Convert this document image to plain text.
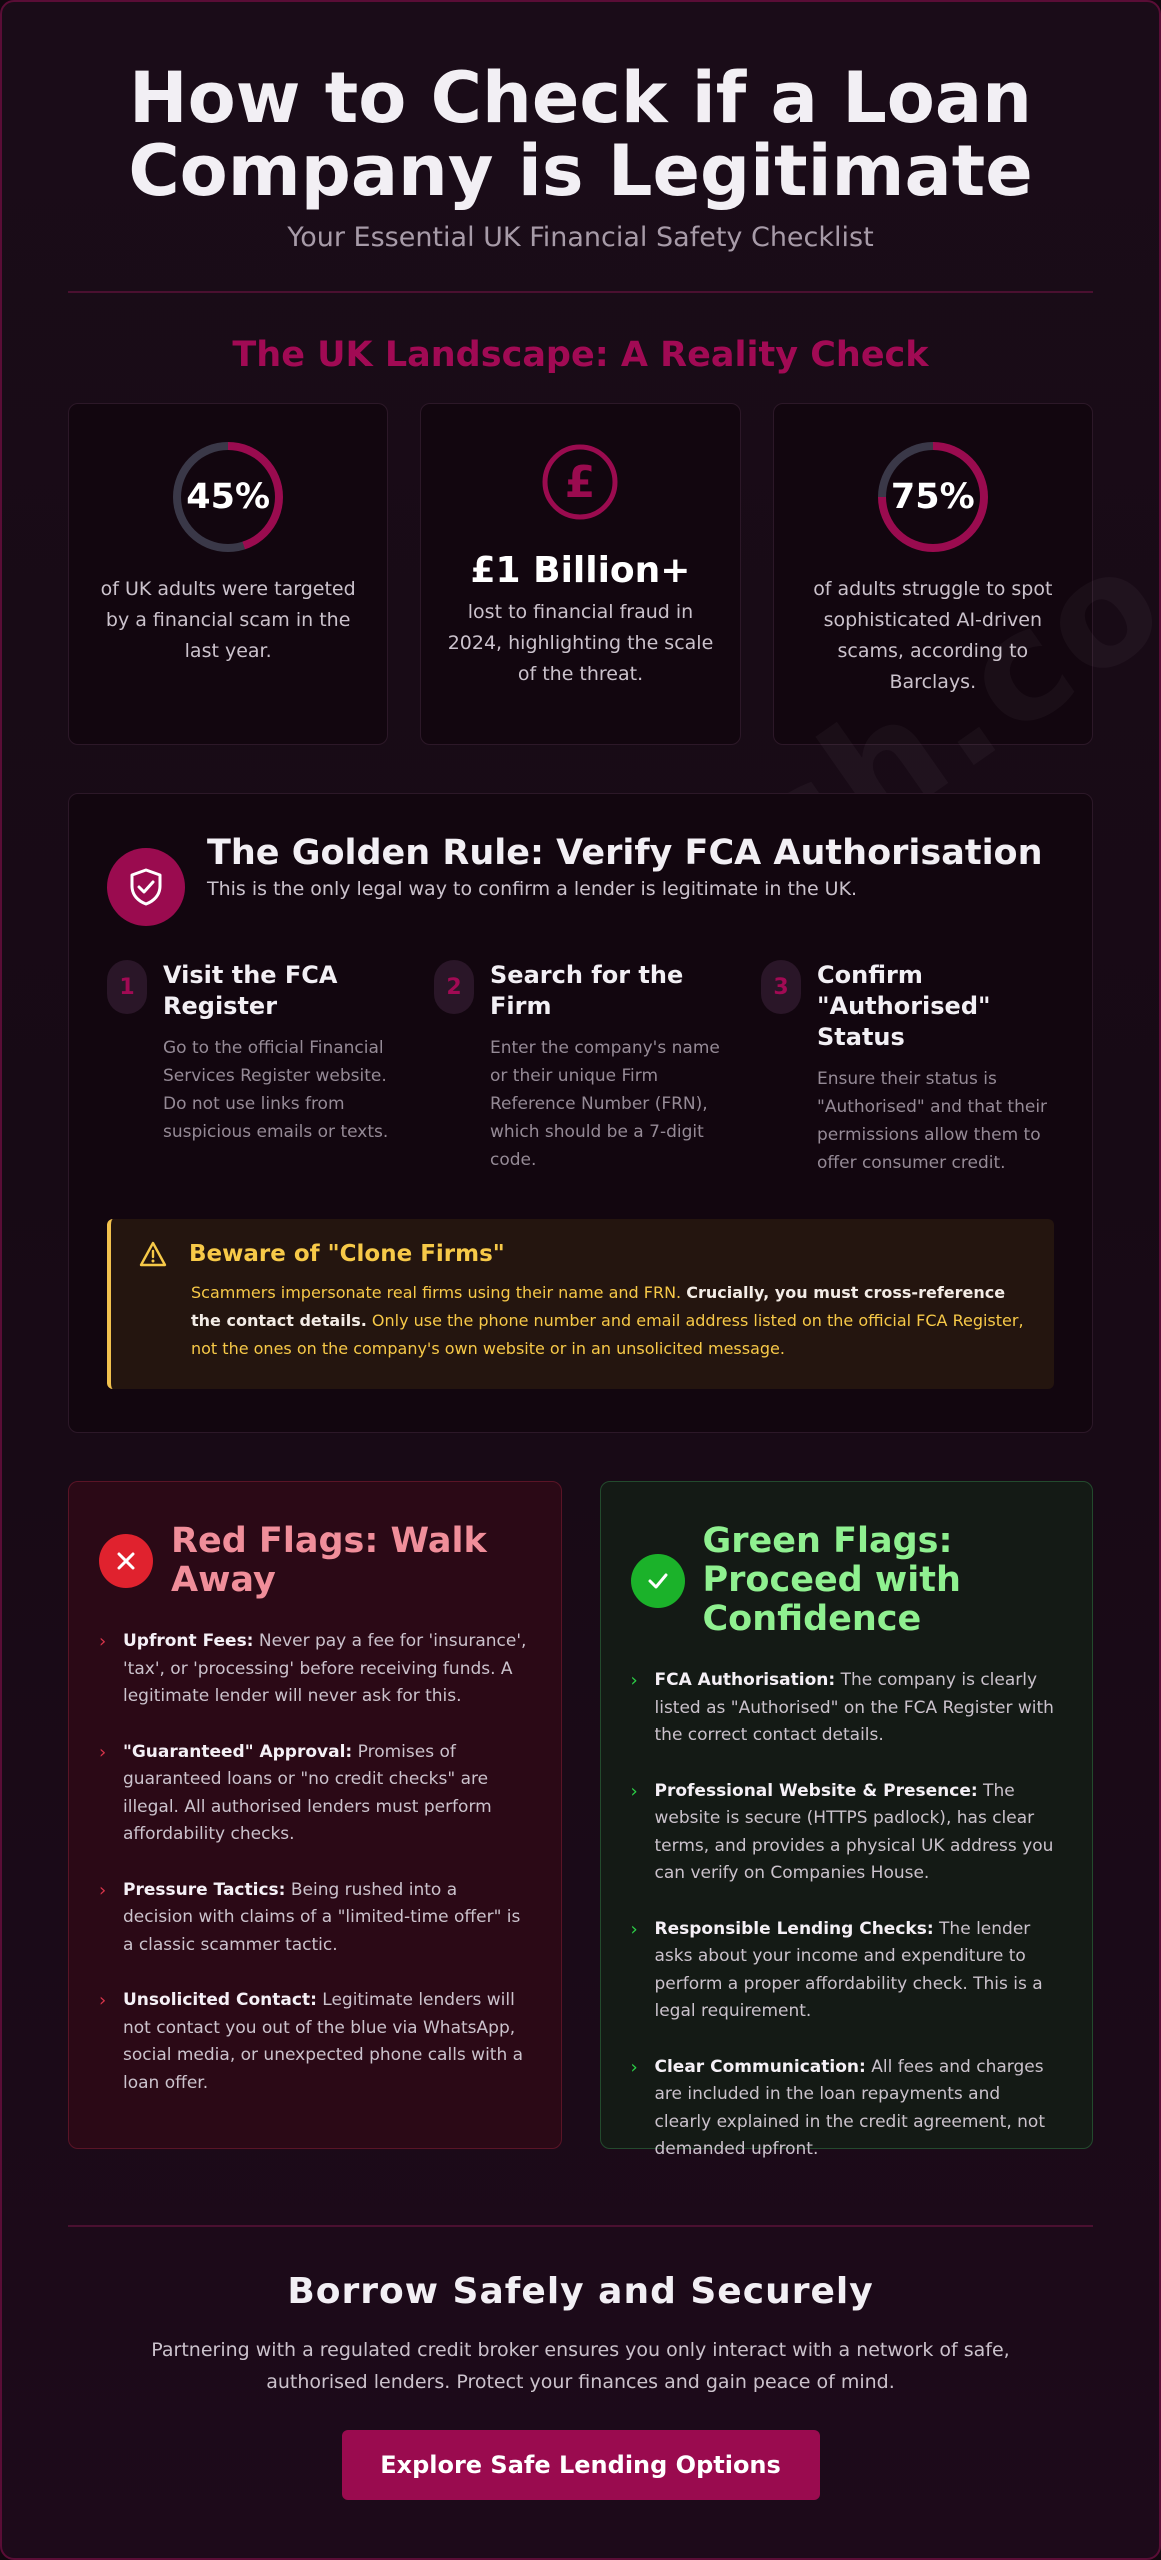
How to Check if a Loan
Company is Legitimate
Your Essential UK Financial Safety Checklist
The UK Landscape: A Reality Check
45%
of UK adults were targeted by a financial scam in the last year.
£
£1 Billion+
lost to financial fraud in 2024, highlighting the scale of the threat.
75%
of adults struggle to spot sophisticated AI-driven scams, according to Barclays.
The Golden Rule: Verify FCA Authorisation
This is the only legal way to confirm a lender is legitimate in the UK.
1	Visit the FCA Register
Go to the official Financial Services Register website. Do not use links from suspicious emails or texts.
2	Search for the Firm
Enter the company's name or their unique Firm Reference Number (FRN), which should be a 7-digit code.
3	Confirm "Authorised" Status
Ensure their status is "Authorised" and that their permissions allow them to offer consumer credit.
Beware of "Clone Firms"
Scammers impersonate real firms using their name and FRN. Crucially, you must cross-reference the contact details. Only use the phone number and email address listed on the official FCA Register, not the ones on the company's own website or in an unsolicited message.
Red Flags: Walk Away
› Upfront Fees: Never pay a fee for 'insurance', 'tax', or 'processing' before receiving funds. A legitimate lender will never ask for this.
› "Guaranteed" Approval: Promises of guaranteed loans or "no credit checks" are illegal. All authorised lenders must perform affordability checks.
› Pressure Tactics: Being rushed into a decision with claims of a "limited-time offer" is a classic scammer tactic.
› Unsolicited Contact: Legitimate lenders will not contact you out of the blue via WhatsApp, social media, or unexpected phone calls with a loan offer.
Green Flags: Proceed with Confidence
› FCA Authorisation: The company is clearly listed as "Authorised" on the FCA Register with the correct contact details.
› Professional Website & Presence: The website is secure (HTTPS padlock), has clear terms, and provides a physical UK address you can verify on Companies House.
› Responsible Lending Checks: The lender asks about your income and expenditure to perform a proper affordability check. This is a legal requirement.
› Clear Communication: All fees and charges are included in the loan repayments and clearly explained in the credit agreement, not demanded upfront.
Borrow Safely and Securely

Partnering with a regulated credit broker ensures you only interact with a network of safe, authorised lenders. Protect your finances and gain peace of mind.

Explore Safe Lending Options
